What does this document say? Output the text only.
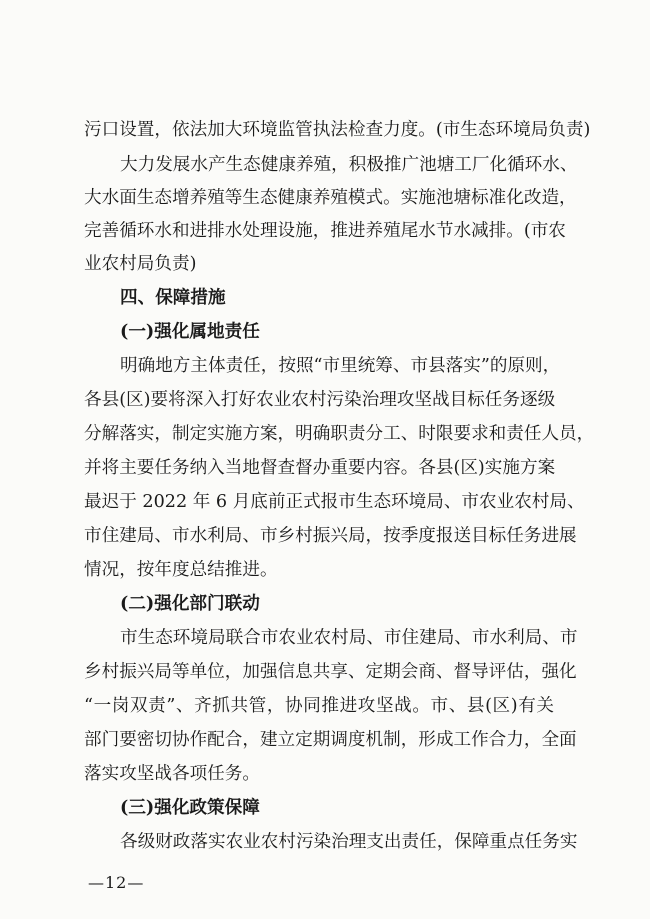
污口设置，依法加大环境监管执法检查力度。(市生态环境局负责)
大力发展水产生态健康养殖，积极推广池塘工厂化循环水、
大水面生态增养殖等生态健康养殖模式。实施池塘标准化改造，
完善循环水和进排水处理设施，推进养殖尾水节水减排。(市农
业农村局负责)
四、保障措施
(一)强化属地责任
明确地方主体责任，按照“市里统筹、市县落实”的原则，
各县(区)要将深入打好农业农村污染治理攻坚战目标任务逐级
分解落实，制定实施方案，明确职责分工、时限要求和责任人员，
并将主要任务纳入当地督查督办重要内容。各县(区)实施方案
最迟于 2022 年 6 月底前正式报市生态环境局、市农业农村局、
市住建局、市水利局、市乡村振兴局，按季度报送目标任务进展
情况，按年度总结推进。
(二)强化部门联动
市生态环境局联合市农业农村局、市住建局、市水利局、市
乡村振兴局等单位，加强信息共享、定期会商、督导评估，强化
“一岗双责”、齐抓共管，协同推进攻坚战。市、县(区)有关
部门要密切协作配合，建立定期调度机制，形成工作合力，全面
落实攻坚战各项任务。
(三)强化政策保障
各级财政落实农业农村污染治理支出责任，保障重点任务实
—12—
